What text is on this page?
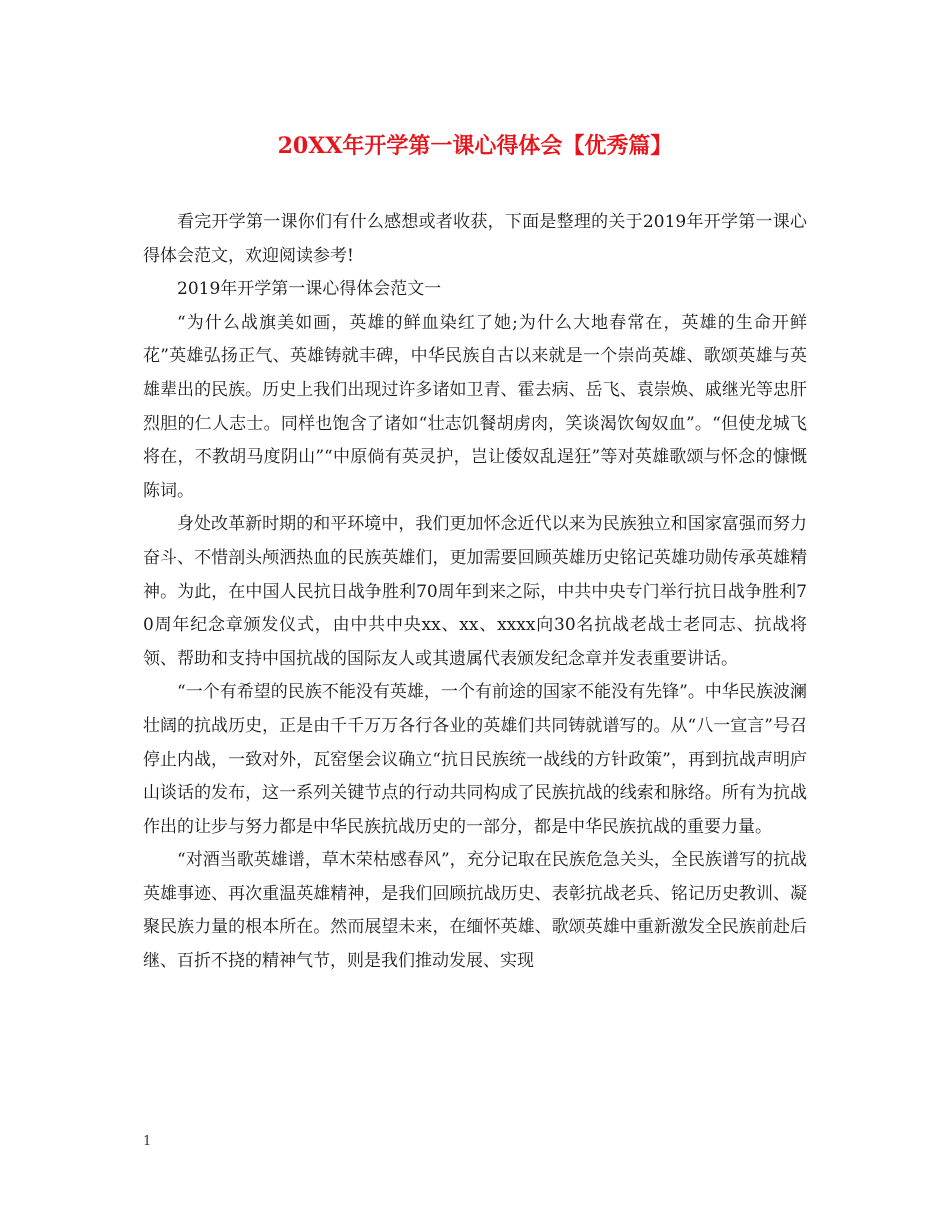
20XX年开学第一课心得体会【优秀篇】

看完开学第一课你们有什么感想或者收获，下面是整理的关于2019年开学第一课心得体会范文，欢迎阅读参考!

2019年开学第一课心得体会范文一

“为什么战旗美如画，英雄的鲜血染红了她;为什么大地春常在，英雄的生命开鲜花”英雄弘扬正气、英雄铸就丰碑，中华民族自古以来就是一个崇尚英雄、歌颂英雄与英雄辈出的民族。历史上我们出现过许多诸如卫青、霍去病、岳飞、袁崇焕、戚继光等忠肝烈胆的仁人志士。同样也饱含了诸如“壮志饥餐胡虏肉，笑谈渴饮匈奴血”。“但使龙城飞将在，不教胡马度阴山”“中原倘有英灵护，岂让倭奴乱逞狂”等对英雄歌颂与怀念的慷慨陈词。

身处改革新时期的和平环境中，我们更加怀念近代以来为民族独立和国家富强而努力奋斗、不惜剖头颅洒热血的民族英雄们，更加需要回顾英雄历史铭记英雄功勋传承英雄精神。为此，在中国人民抗日战争胜利70周年到来之际，中共中央专门举行抗日战争胜利70周年纪念章颁发仪式，由中共中央xx、xx、xxxx向30名抗战老战士老同志、抗战将领、帮助和支持中国抗战的国际友人或其遗属代表颁发纪念章并发表重要讲话。

“一个有希望的民族不能没有英雄，一个有前途的国家不能没有先锋”。中华民族波澜壮阔的抗战历史，正是由千千万万各行各业的英雄们共同铸就谱写的。从“八一宣言”号召停止内战，一致对外，瓦窑堡会议确立“抗日民族统一战线的方针政策”，再到抗战声明庐山谈话的发布，这一系列关键节点的行动共同构成了民族抗战的线索和脉络。所有为抗战作出的让步与努力都是中华民族抗战历史的一部分，都是中华民族抗战的重要力量。

“对酒当歌英雄谱，草木荣枯感春风”，充分记取在民族危急关头，全民族谱写的抗战英雄事迹、再次重温英雄精神，是我们回顾抗战历史、表彰抗战老兵、铭记历史教训、凝聚民族力量的根本所在。然而展望未来，在缅怀英雄、歌颂英雄中重新激发全民族前赴后继、百折不挠的精神气节，则是我们推动发展、实现

1
